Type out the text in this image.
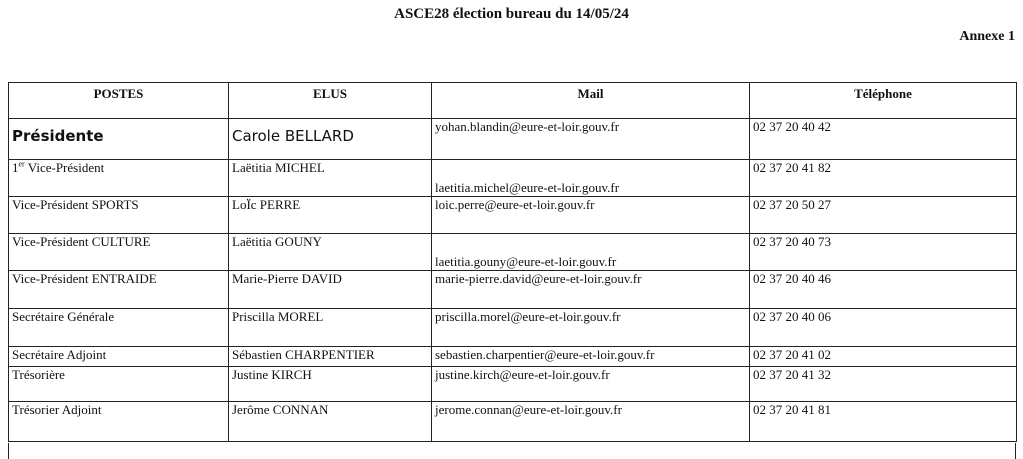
ASCE28 élection bureau du 14/05/24
Annexe 1
POSTES	ELUS	Mail	Téléphone
Présidente	Carole BELLARD	yohan.blandin@eure-et-loir.gouv.fr	02 37 20 40 42
1er Vice-Président	Laëtitia MICHEL	laetitia.michel@eure-et-loir.gouv.fr	02 37 20 41 82
Vice-Président SPORTS	LoÏc PERRE	loic.perre@eure-et-loir.gouv.fr	02 37 20 50 27
Vice-Président CULTURE	Laëtitia GOUNY	laetitia.gouny@eure-et-loir.gouv.fr	02 37 20 40 73
Vice-Président ENTRAIDE	Marie-Pierre DAVID	marie-pierre.david@eure-et-loir.gouv.fr	02 37 20 40 46
Secrétaire Générale	Priscilla MOREL	priscilla.morel@eure-et-loir.gouv.fr	02 37 20 40 06
Secrétaire Adjoint	Sébastien CHARPENTIER	sebastien.charpentier@eure-et-loir.gouv.fr	02 37 20 41 02
Trésorière	Justine KIRCH	justine.kirch@eure-et-loir.gouv.fr	02 37 20 41 32
Trésorier Adjoint	Jerôme CONNAN	jerome.connan@eure-et-loir.gouv.fr	02 37 20 41 81
